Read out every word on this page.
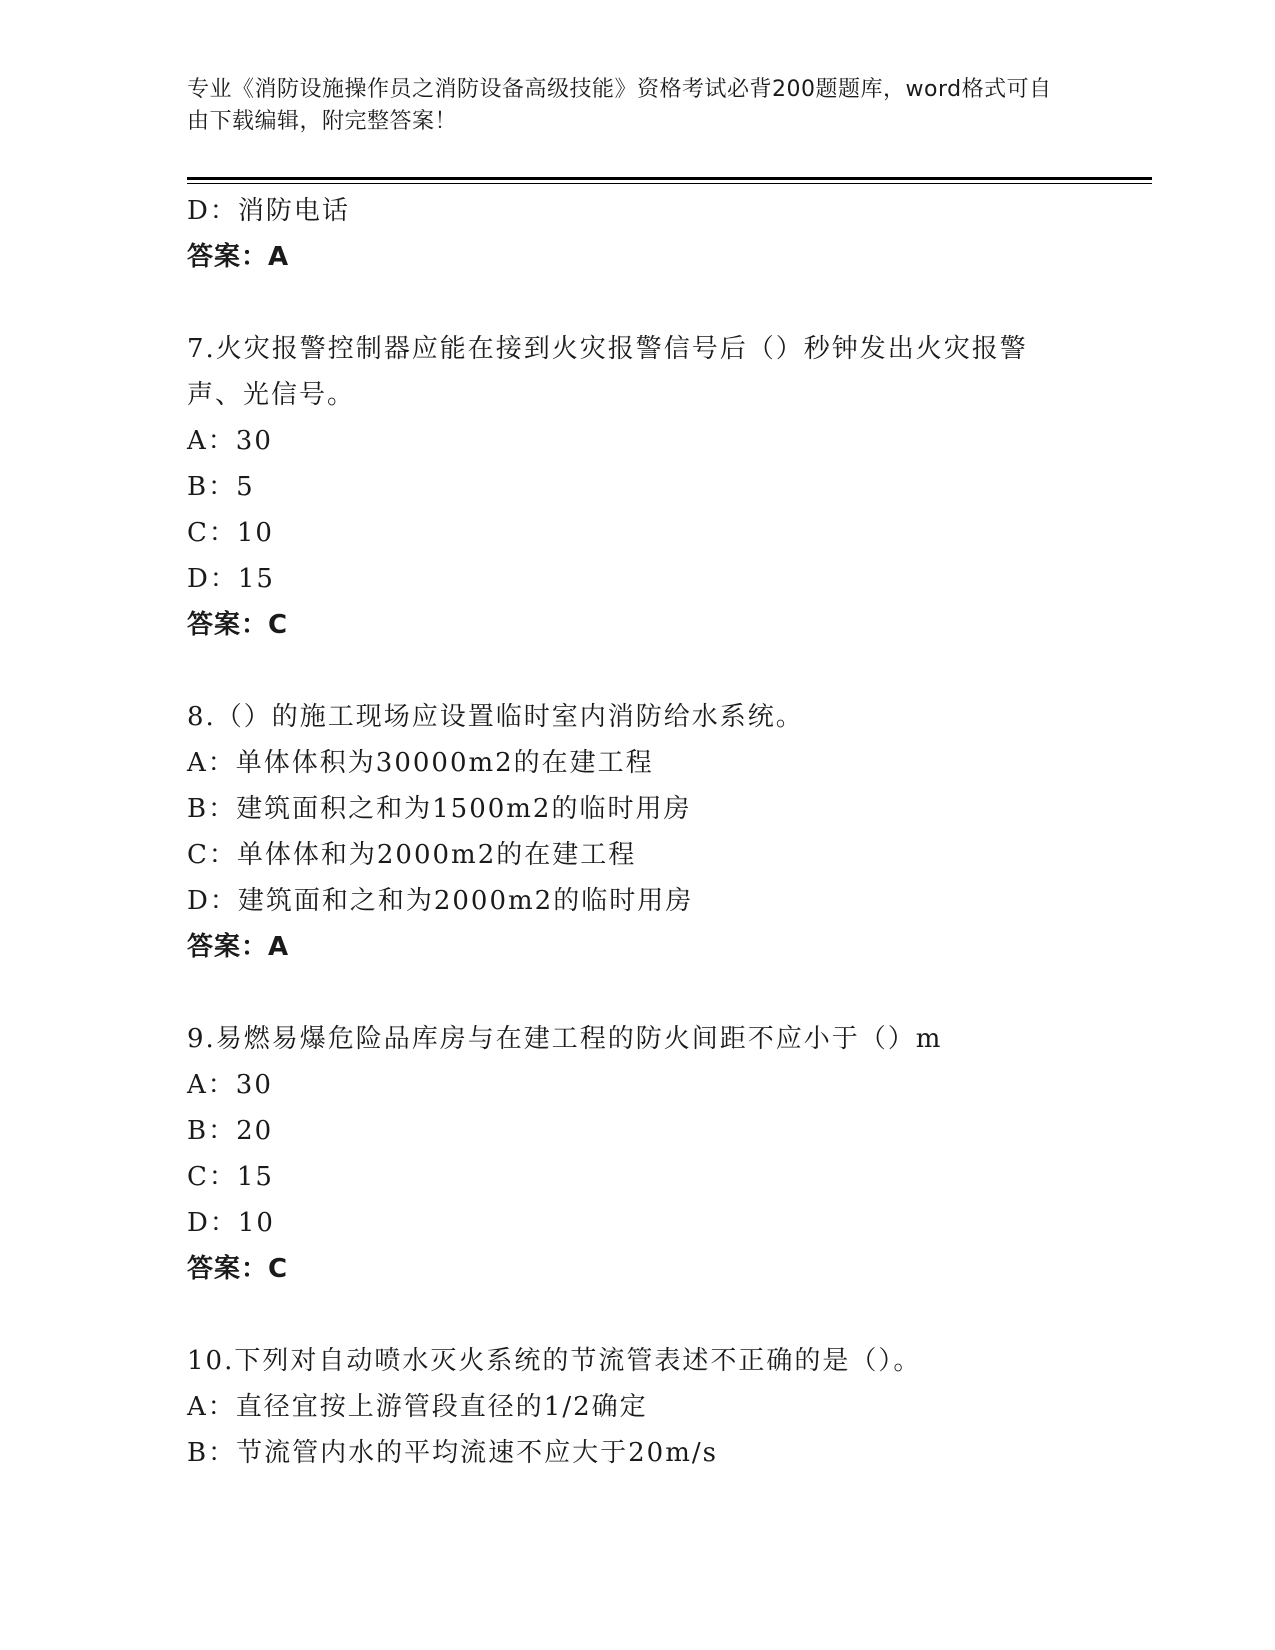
专业《消防设施操作员之消防设备高级技能》资格考试必背200题题库，word格式可自由下载编辑，附完整答案！
D：消防电话
答案：A
7.火灾报警控制器应能在接到火灾报警信号后（）秒钟发出火灾报警声、光信号。
A：30
B：5
C：10
D：15
答案：C
8.（）的施工现场应设置临时室内消防给水系统。
A：单体体积为30000m2的在建工程
B：建筑面积之和为1500m2的临时用房
C：单体体和为2000m2的在建工程
D：建筑面和之和为2000m2的临时用房
答案：A
9.易燃易爆危险品库房与在建工程的防火间距不应小于（）m
A：30
B：20
C：15
D：10
答案：C
10.下列对自动喷水灭火系统的节流管表述不正确的是（）。
A：直径宜按上游管段直径的1/2确定
B：节流管内水的平均流速不应大于20m/s
